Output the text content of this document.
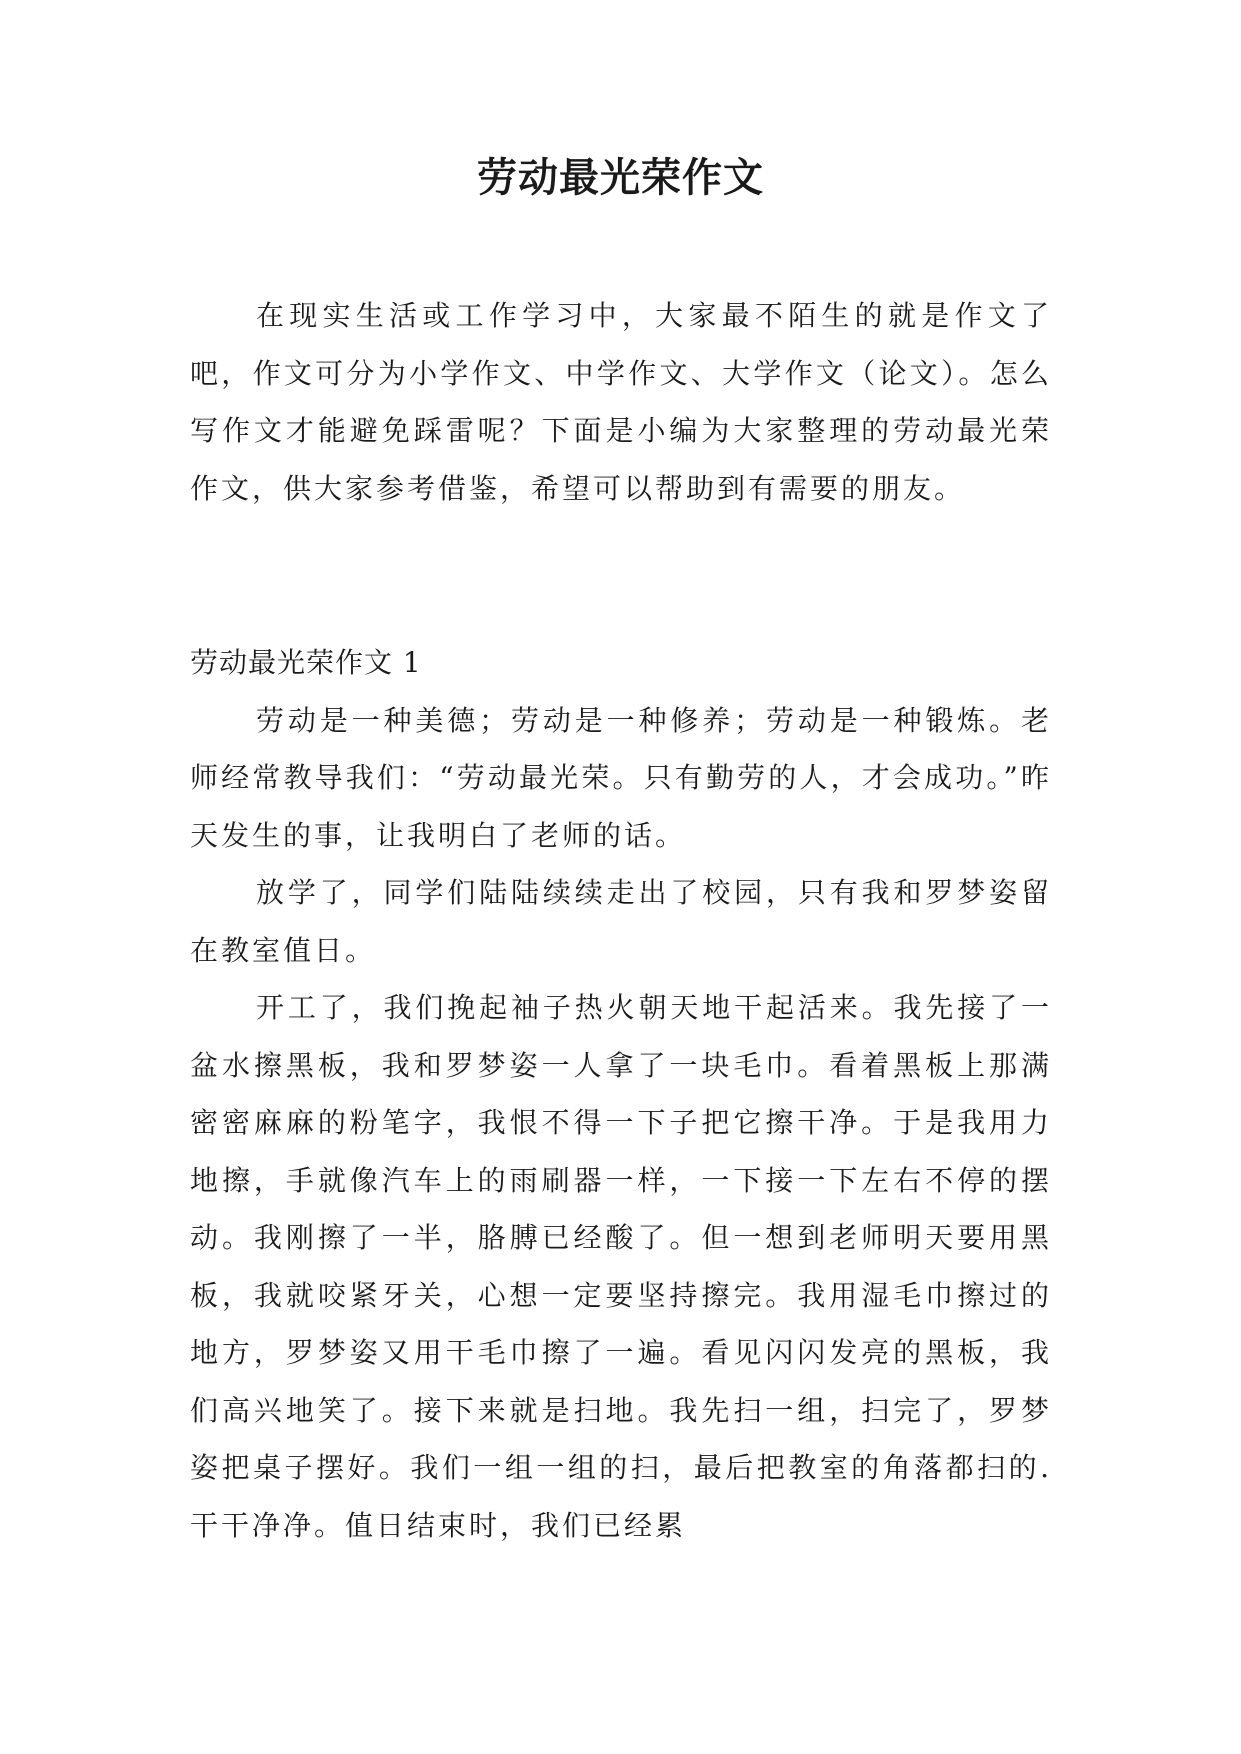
劳动最光荣作文

在现实生活或工作学习中，大家最不陌生的就是作文了吧，作文可分为小学作文、中学作文、大学作文（论文）。怎么写作文才能避免踩雷呢？下面是小编为大家整理的劳动最光荣作文，供大家参考借鉴，希望可以帮助到有需要的朋友。

劳动最光荣作文 1

劳动是一种美德；劳动是一种修养；劳动是一种锻炼。老师经常教导我们：“劳动最光荣。只有勤劳的人，才会成功。”昨天发生的事，让我明白了老师的话。

放学了，同学们陆陆续续走出了校园，只有我和罗梦姿留在教室值日。

开工了，我们挽起袖子热火朝天地干起活来。我先接了一盆水擦黑板，我和罗梦姿一人拿了一块毛巾。看着黑板上那满密密麻麻的粉笔字，我恨不得一下子把它擦干净。于是我用力地擦，手就像汽车上的雨刷器一样，一下接一下左右不停的摆动。我刚擦了一半，胳膊已经酸了。但一想到老师明天要用黑板，我就咬紧牙关，心想一定要坚持擦完。我用湿毛巾擦过的地方，罗梦姿又用干毛巾擦了一遍。看见闪闪发亮的黑板，我们高兴地笑了。接下来就是扫地。我先扫一组，扫完了，罗梦姿把桌子摆好。我们一组一组的扫，最后把教室的角落都扫的.干干净净。值日结束时，我们已经累
